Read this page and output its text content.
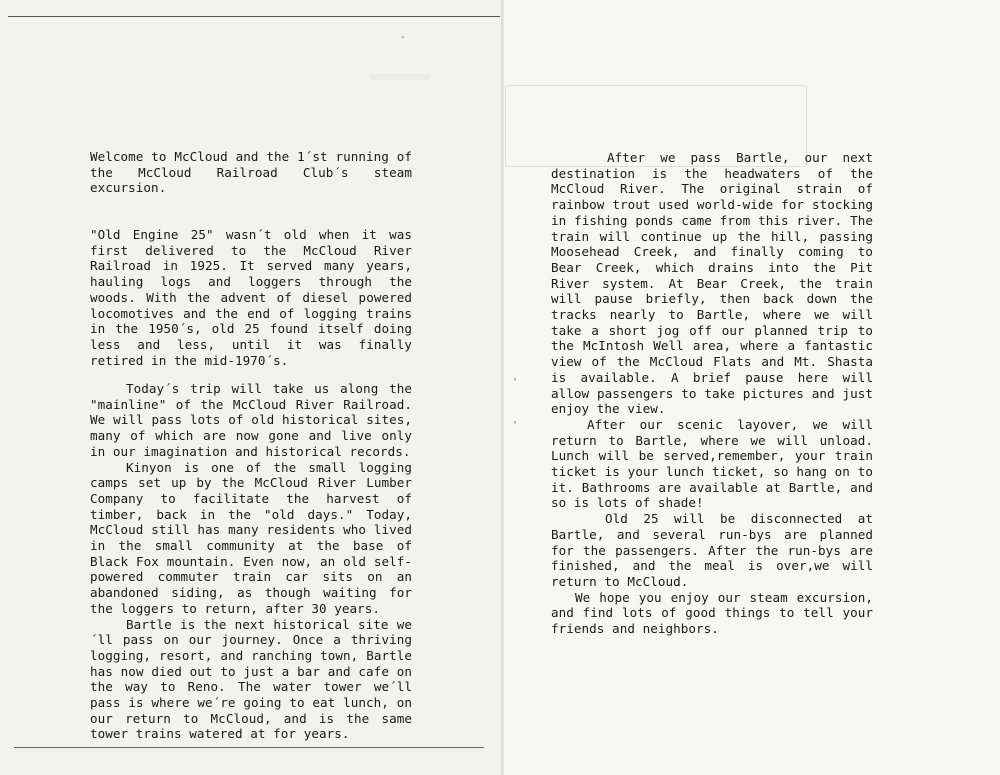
-
'
'

Welcome to McCloud and the 1´st running of the McCloud Railroad Club´s steam excursion.

"Old Engine 25" wasn´t old when it was first delivered to the McCloud River Railroad in 1925. It served many years, hauling logs and loggers through the woods. With the advent of diesel powered locomotives and the end of logging trains in the 1950´s, old 25 found itself doing less and less, until it was finally retired in the mid-1970´s.

Today´s trip will take us along the "mainline" of the McCloud River Railroad. We will pass lots of old historical sites, many of which are now gone and live only in our imagination and historical records.

Kinyon is one of the small logging camps set up by the McCloud River Lumber Company to facilitate the harvest of timber, back in the "old days." Today, McCloud still has many residents who lived in the small community at the base of Black Fox mountain. Even now, an old self-powered commuter train car sits on an abandoned siding, as though waiting for the loggers to return, after 30 years.

Bartle is the next historical site we´ll pass on our journey. Once a thriving logging, resort, and ranching town, Bartle has now died out to just a bar and cafe on the way to Reno. The water tower we´ll pass is where we´re going to eat lunch, on our return to McCloud, and is the same tower trains watered at for years.

After we pass Bartle, our next destination is the headwaters of the McCloud River. The original strain of rainbow trout used world-wide for stocking in fishing ponds came from this river. The train will continue up the hill, passing Moosehead Creek, and finally coming to Bear Creek, which drains into the Pit River system. At Bear Creek, the train will pause briefly, then back down the tracks nearly to Bartle, where we will take a short jog off our planned trip to the McIntosh Well area, where a fantastic view of the McCloud Flats and Mt. Shasta is available. A brief pause here will allow passengers to take pictures and just enjoy the view.

After our scenic layover, we will return to Bartle, where we will unload. Lunch will be served,remember, your train ticket is your lunch ticket, so hang on to it. Bathrooms are available at Bartle, and so is lots of shade!

Old 25 will be disconnected at Bartle, and several run-bys are planned for the passengers. After the run-bys are finished, and the meal is over,we will return to McCloud.

We hope you enjoy our steam excursion, and find lots of good things to tell your friends and neighbors.
